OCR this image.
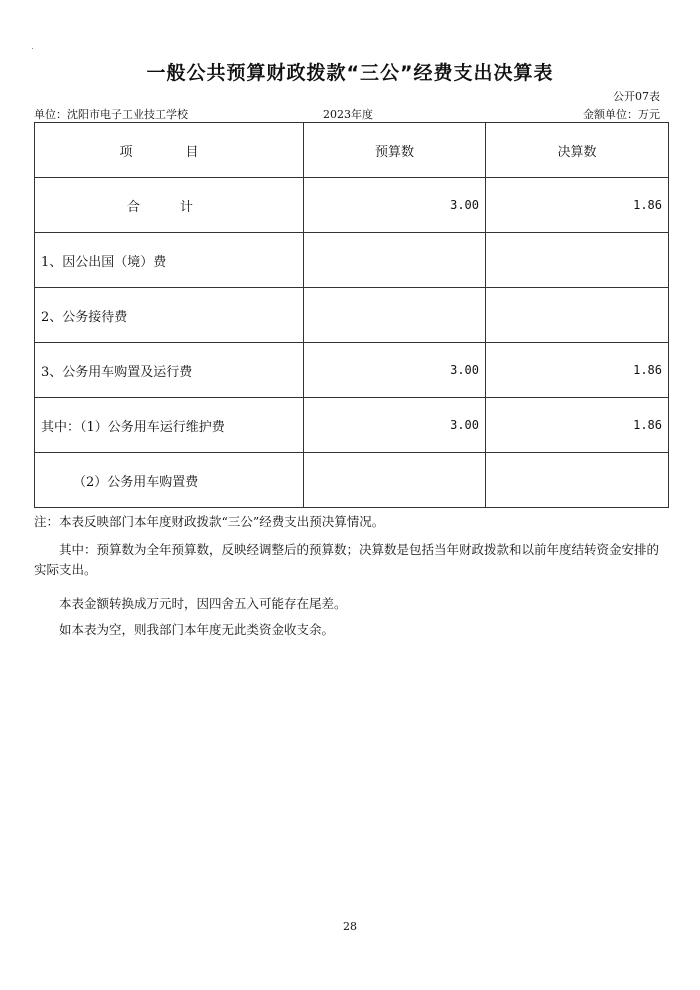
一般公共预算财政拨款“三公”经费支出决算表
公开07表
单位：沈阳市电子工业技工学校	2023年度	金额单位：万元
项　目	预算数	决算数
合 计	3.00	1.86
1、因公出国（境）费		
2、公务接待费		
3、公务用车购置及运行费	3.00	1.86
其中：（1）公务用车运行维护费	3.00	1.86
（2）公务用车购置费		

注：本表反映部门本年度财政拨款“三公”经费支出预决算情况。

其中：预算数为全年预算数，反映经调整后的预算数；决算数是包括当年财政拨款和以前年度结转资金安排的实际支出。

本表金额转换成万元时，因四舍五入可能存在尾差。

如本表为空，则我部门本年度无此类资金收支余。

28
